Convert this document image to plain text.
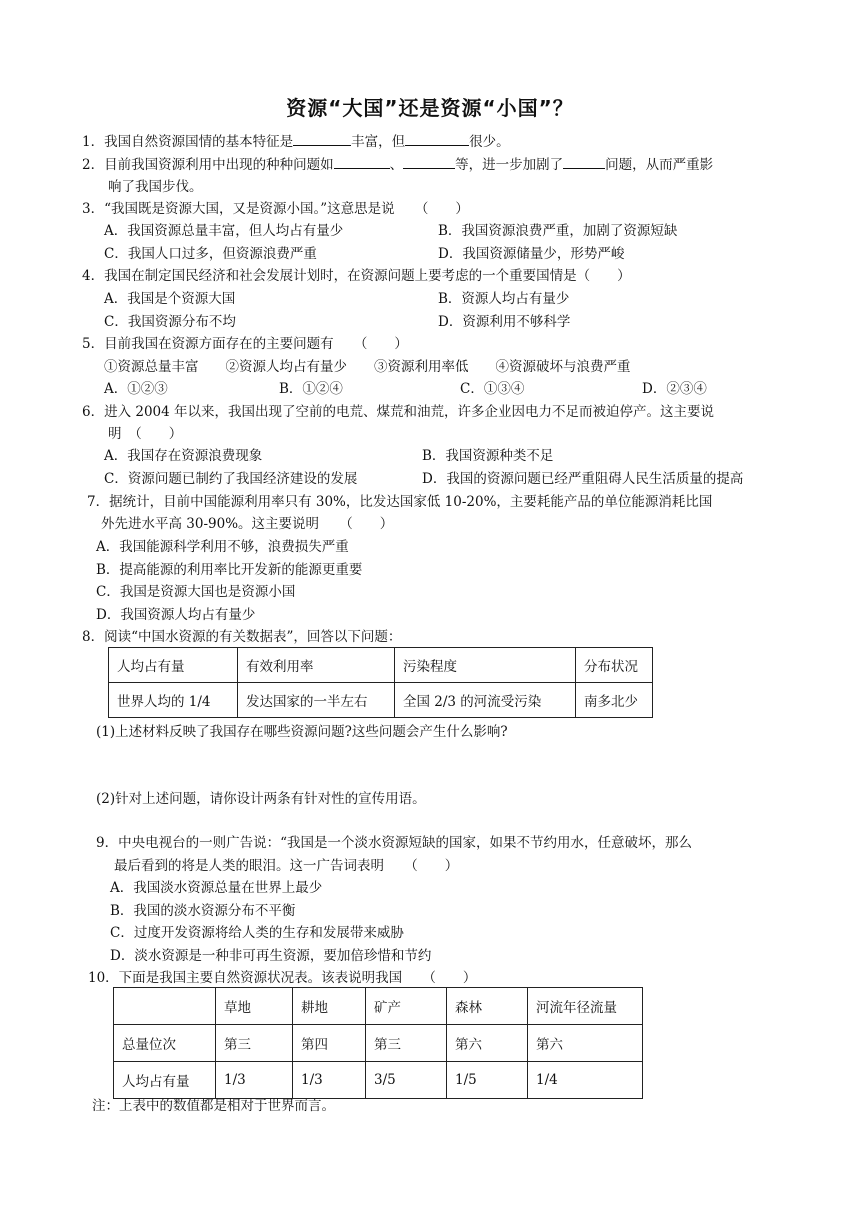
资源“大国”还是资源“小国”？
1．我国自然资源国情的基本特征是	丰富，但	很少。
2．目前我国资源利用中出现的种种问题如	、	等，进一步加剧了	问题，从而严重影
响了我国步伐。
3．“我国既是资源大国，又是资源小国。”这意思是说　　（　　）
A．我国资源总量丰富，但人均占有量少	B．我国资源浪费严重，加剧了资源短缺
C．我国人口过多，但资源浪费严重	D．我国资源储量少，形势严峻
4．我国在制定国民经济和社会发展计划时，在资源问题上要考虑的一个重要国情是（　　）
A．我国是个资源大国	B．资源人均占有量少
C．我国资源分布不均	D．资源利用不够科学
5．目前我国在资源方面存在的主要问题有　　（　　）
①资源总量丰富　　②资源人均占有量少　　③资源利用率低　　④资源破坏与浪费严重
A．①②③	B．①②④	C．①③④	D．②③④
6．进入 2004 年以来，我国出现了空前的电荒、煤荒和油荒，许多企业因电力不足而被迫停产。这主要说
明　（　　）
A．我国存在资源浪费现象	B．我国资源种类不足
C．资源问题已制约了我国经济建设的发展	D．我国的资源问题已经严重阻碍人民生活质量的提高
7．据统计，目前中国能源利用率只有 30%，比发达国家低 10-20%，主要耗能产品的单位能源消耗比国
外先进水平高 30-90%。这主要说明　　（　　）
A．我国能源科学利用不够，浪费损失严重
B．提高能源的利用率比开发新的能源更重要
C．我国是资源大国也是资源小国
D．我国资源人均占有量少
8．阅读“中国水资源的有关数据表”，回答以下问题：
人均占有量	有效利用率	污染程度	分布状况
世界人均的 1/4	发达国家的一半左右	全国 2/3 的河流受污染	南多北少
(1)上述材料反映了我国存在哪些资源问题?这些问题会产生什么影响?
(2)针对上述问题，请你设计两条有针对性的宣传用语。
9．中央电视台的一则广告说：“我国是一个淡水资源短缺的国家，如果不节约用水，任意破坏，那么
最后看到的将是人类的眼泪。这一广告词表明　　（　　）
A．我国淡水资源总量在世界上最少
B．我国的淡水资源分布不平衡
C．过度开发资源将给人类的生存和发展带来威胁
D．淡水资源是一种非可再生资源，要加倍珍惜和节约
10．下面是我国主要自然资源状况表。该表说明我国　　（　　）
	草地	耕地	矿产	森林	河流年径流量
总量位次	第三	第四	第三	第六	第六
人均占有量	1/3	1/3	3/5	1/5	1/4
注：上表中的数值都是相对于世界而言。
